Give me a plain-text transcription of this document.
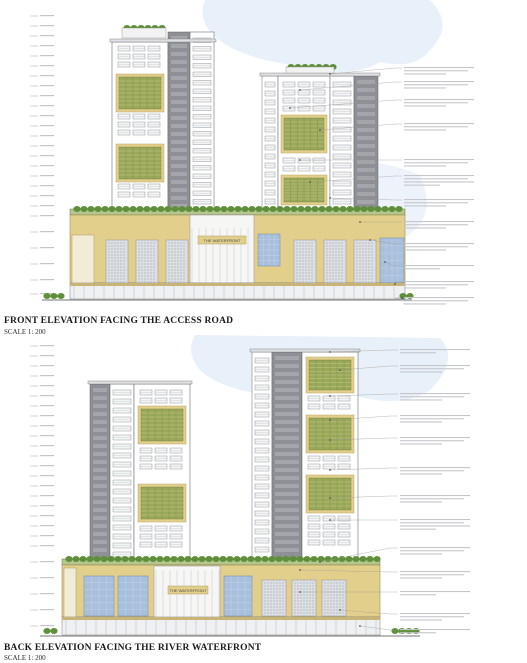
THE WATERFRONT
THE WATERFRONT
FRONT ELEVATION FACING THE ACCESS ROAD
SCALE 1: 200
BACK ELEVATION FACING THE RIVER WATERFRONT
SCALE 1: 200
